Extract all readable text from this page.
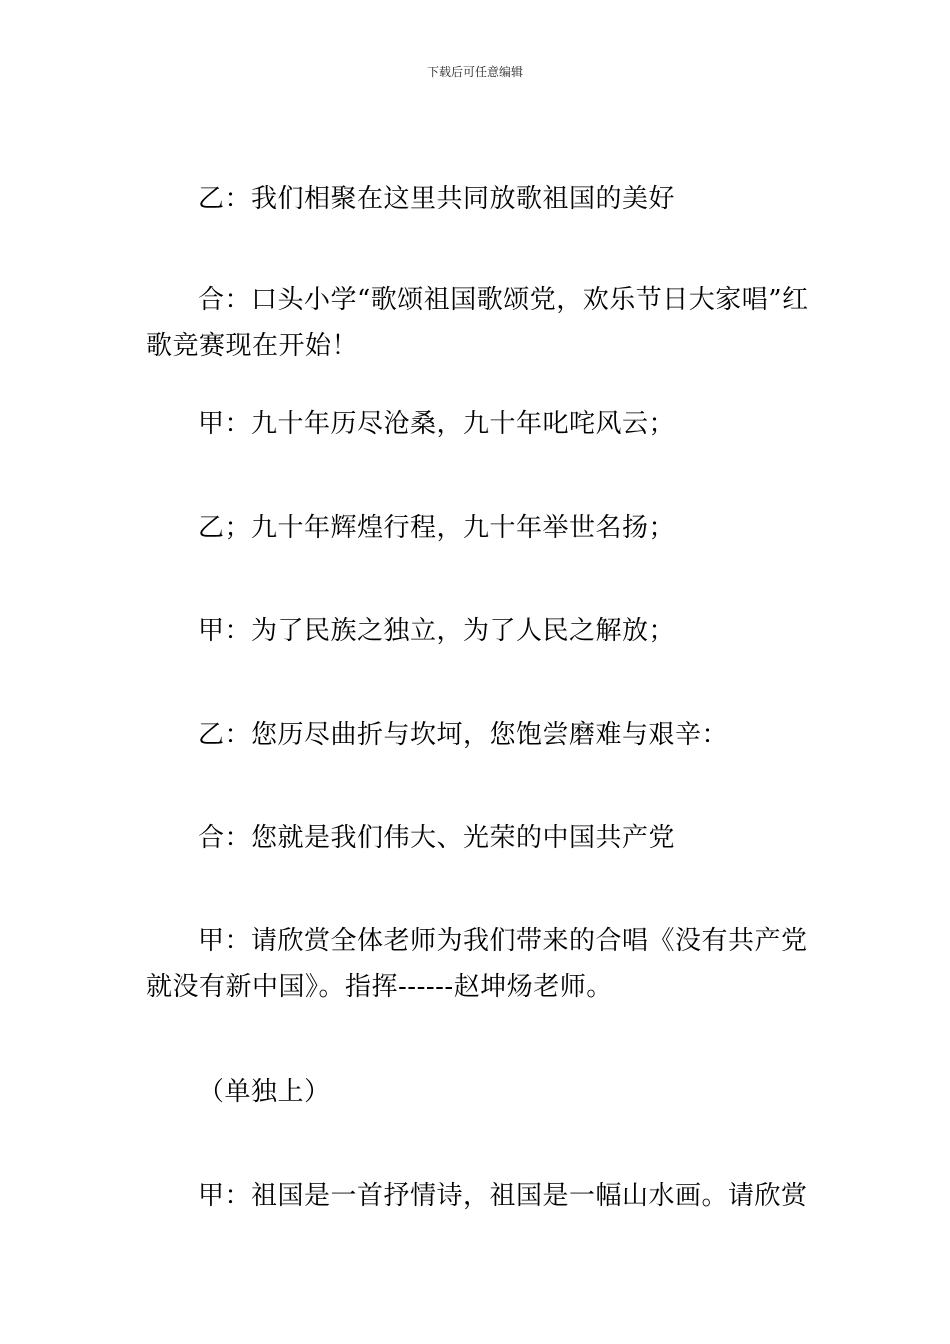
下载后可任意编辑

乙：我们相聚在这里共同放歌祖国的美好

合：口头小学“歌颂祖国歌颂党，欢乐节日大家唱”红歌竞赛现在开始！

甲：九十年历尽沧桑，九十年叱咤风云；

乙；九十年辉煌行程，九十年举世名扬；

甲：为了民族之独立，为了人民之解放；

乙：您历尽曲折与坎坷，您饱尝磨难与艰辛：

合：您就是我们伟大、光荣的中国共产党

甲：请欣赏全体老师为我们带来的合唱《没有共产党就没有新中国》。指挥------赵坤炀老师。

（单独上）

甲：祖国是一首抒情诗，祖国是一幅山水画。请欣赏
